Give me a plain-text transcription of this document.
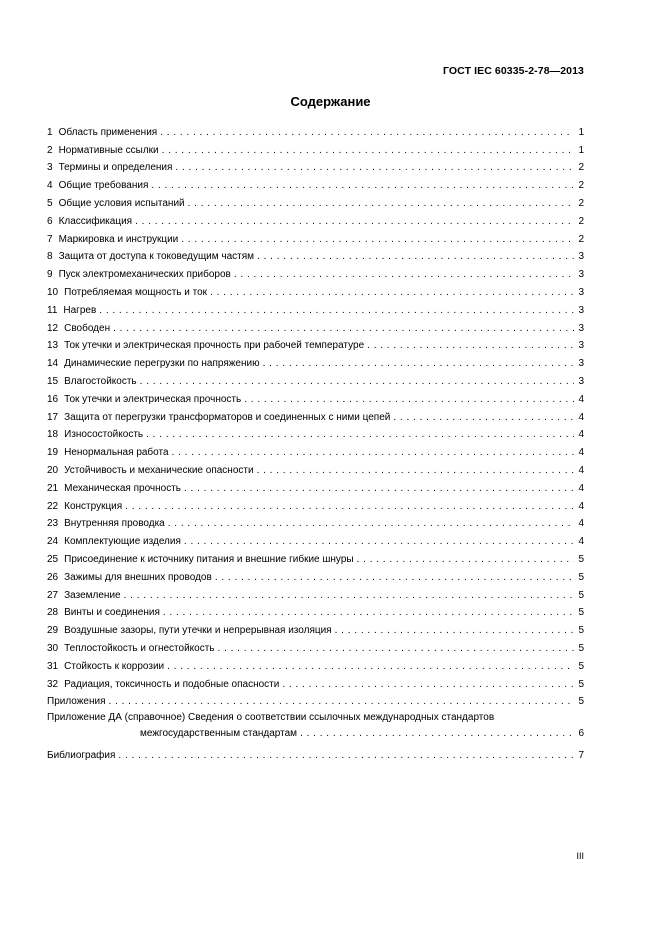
ГОСТ IEC 60335-2-78—2013
Содержание
1 Область применения . . .	1
2 Нормативные ссылки . . .	1
3 Термины и определения . . .	2
4 Общие требования . . .	2
5 Общие условия испытаний . . .	2
6 Классификация . . .	2
7 Маркировка и инструкции . . .	2
8 Защита от доступа к токоведущим частям . . .	3
9 Пуск электромеханических приборов . . .	3
10 Потребляемая мощность и ток . . .	3
11 Нагрев . . .	3
12 Свободен . . .	3
13 Ток утечки и электрическая прочность при рабочей температуре . . .	3
14 Динамические перегрузки по напряжению . . .	3
15 Влагостойкость . . .	3
16 Ток утечки и электрическая прочность . . .	4
17 Защита от перегрузки трансформаторов и соединенных с ними цепей . . .	4
18 Износостойкость . . .	4
19 Ненормальная работа . . .	4
20 Устойчивость и механические опасности . . .	4
21 Механическая прочность . . .	4
22 Конструкция . . .	4
23 Внутренняя проводка . . .	4
24 Комплектующие изделия . . .	4
25 Присоединение к источнику питания и внешние гибкие шнуры . . .	5
26 Зажимы для внешних проводов . . .	5
27 Заземление . . .	5
28 Винты и соединения . . .	5
29 Воздушные зазоры, пути утечки и непрерывная изоляция . . .	5
30 Теплостойкость и огнестойкость . . .	5
31 Стойкость к коррозии . . .	5
32 Радиация, токсичность и подобные опасности . . .	5
Приложения . . .	5
Приложение ДА (справочное) Сведения о соответствии ссылочных международных стандартов
межгосударственным стандартам . . .	6
Библиография . . .	7
III
